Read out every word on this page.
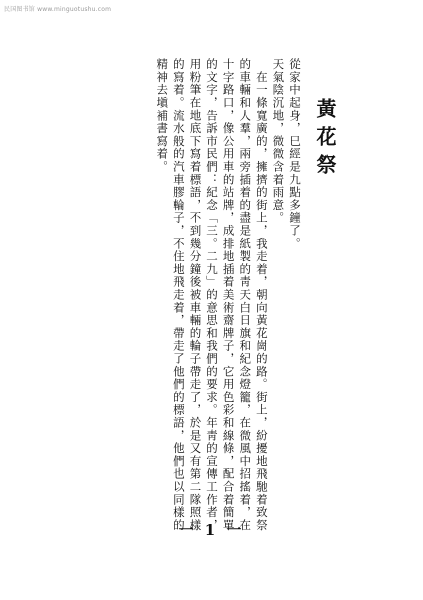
民国图书馆 www.minguotushu.com
黃花祭

從家中起身，巳經是九點多鐘了。

天氣陰沉地，微微含着雨意。

　在一條寬廣的，擁擠的街上，我走着，朝向黃花崗的路。街上，紛擾地飛馳着致祭的車輛和人羣，兩旁插着的盡是紙製的靑天白日旗和紀念燈籠，在微風中招搖着，在十字路口，像公用車的站牌，成排地插着美術齋牌子，它用色彩和線條，配合着簡單的文字，告訴市民們：紀念「三。二九」的意思和我們的要求。年靑的宣傳工作者，用粉筆在地底下寫着標語，不到幾分鐘後被車輛的輪子帶走了，於是又有第二隊照樣的寫着。流水般的汽車膠輪子，不住地飛走着，帶走了他們的標語，他們也以同樣的精神去塡補書寫着。

一 1 一
